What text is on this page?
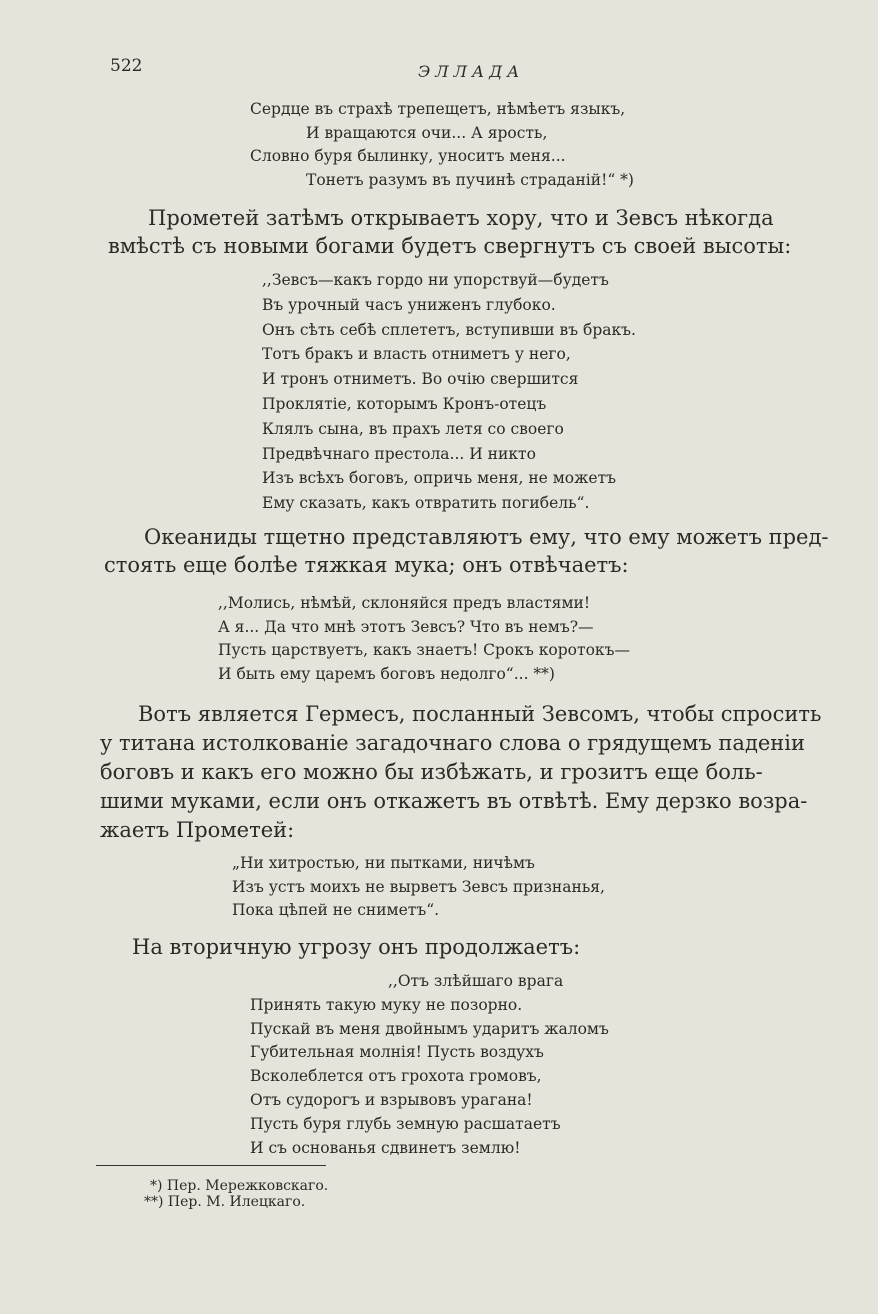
522	ЭЛЛАДА
Сердце въ страхѣ трепещетъ, нѣмѣетъ языкъ,
И вращаются очи... А ярость,
Словно буря былинку, уноситъ меня...
Тонетъ разумъ въ пучинѣ страданій!“ *)
Прометей затѣмъ открываетъ хору, что и Зевсъ нѣкогда
вмѣстѣ съ новыми богами будетъ свергнутъ съ своей высоты:
,,Зевсъ—какъ гордо ни упорствуй—будетъ
Въ урочный часъ униженъ глубоко.
Онъ сѣть себѣ сплететъ, вступивши въ бракъ.
Тотъ бракъ и власть отниметъ у него,
И тронъ отниметъ. Во очію свершится
Проклятіе, которымъ Кронъ-отецъ
Клялъ сына, въ прахъ летя со своего
Предвѣчнаго престола... И никто
Изъ всѣхъ боговъ, опричь меня, не можетъ
Ему сказать, какъ отвратить погибель“.
Океаниды тщетно представляютъ ему, что ему можетъ пред-
стоять еще болѣе тяжкая мука; онъ отвѣчаетъ:
,,Молись, нѣмѣй, склоняйся предъ властями!
А я... Да что мнѣ этотъ Зевсъ? Что въ немъ?—
Пусть царствуетъ, какъ знаетъ! Срокъ коротокъ—
И быть ему царемъ боговъ недолго“... **)
Вотъ является Гермесъ, посланный Зевсомъ, чтобы спросить
у титана истолкованіе загадочнаго слова о грядущемъ паденіи
боговъ и какъ его можно бы избѣжать, и грозитъ еще боль-
шими муками, если онъ откажетъ въ отвѣтѣ. Ему дерзко возра-
жаетъ Прометей:
„Ни хитростью, ни пытками, ничѣмъ
Изъ устъ моихъ не вырветъ Зевсъ признанья,
Пока цѣпей не сниметъ“.
На вторичную угрозу онъ продолжаетъ:
,,Отъ злѣйшаго врага
Принять такую муку не позорно.
Пускай въ меня двойнымъ ударитъ жаломъ
Губительная молнія! Пусть воздухъ
Всколеблется отъ грохота громовъ,
Отъ судорогъ и взрывовъ урагана!
Пусть буря глубь земную расшатаетъ
И съ основанья сдвинетъ землю!
*) Пер. Мережковскаго.
**) Пер. М. Илецкаго.
